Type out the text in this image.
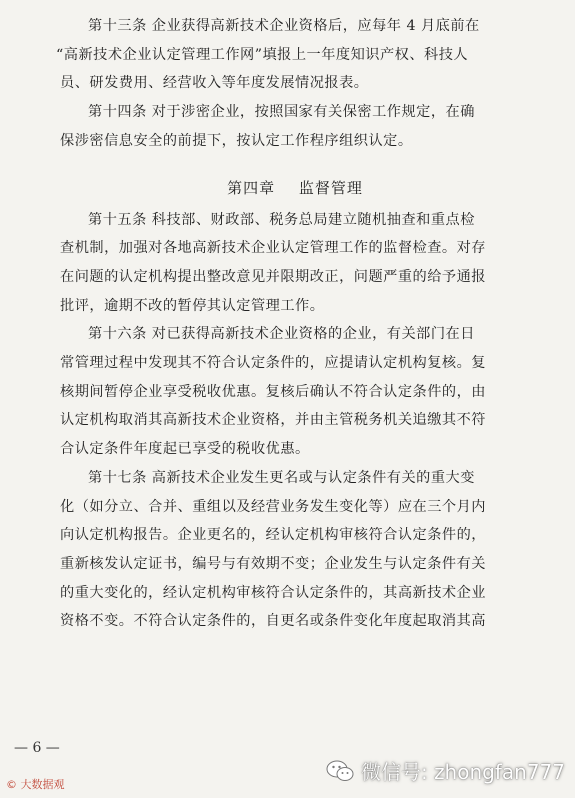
第十三条 企业获得高新技术企业资格后，应每年 4 月底前在
“高新技术企业认定管理工作网”填报上一年度知识产权、科技人
员、研发费用、经营收入等年度发展情况报表。
第十四条 对于涉密企业，按照国家有关保密工作规定，在确
保涉密信息安全的前提下，按认定工作程序组织认定。
第四章 监督管理
第十五条 科技部、财政部、税务总局建立随机抽查和重点检
查机制，加强对各地高新技术企业认定管理工作的监督检查。对存
在问题的认定机构提出整改意见并限期改正，问题严重的给予通报
批评，逾期不改的暂停其认定管理工作。
第十六条 对已获得高新技术企业资格的企业，有关部门在日
常管理过程中发现其不符合认定条件的，应提请认定机构复核。复
核期间暂停企业享受税收优惠。复核后确认不符合认定条件的，由
认定机构取消其高新技术企业资格，并由主管税务机关追缴其不符
合认定条件年度起已享受的税收优惠。
第十七条 高新技术企业发生更名或与认定条件有关的重大变
化（如分立、合并、重组以及经营业务发生变化等）应在三个月内
向认定机构报告。企业更名的，经认定机构审核符合认定条件的，
重新核发认定证书，编号与有效期不变；企业发生与认定条件有关
的重大变化的，经认定机构审核符合认定条件的，其高新技术企业
资格不变。不符合认定条件的，自更名或条件变化年度起取消其高
— 6 —
© 大数据观
微信号: zhongfan777
